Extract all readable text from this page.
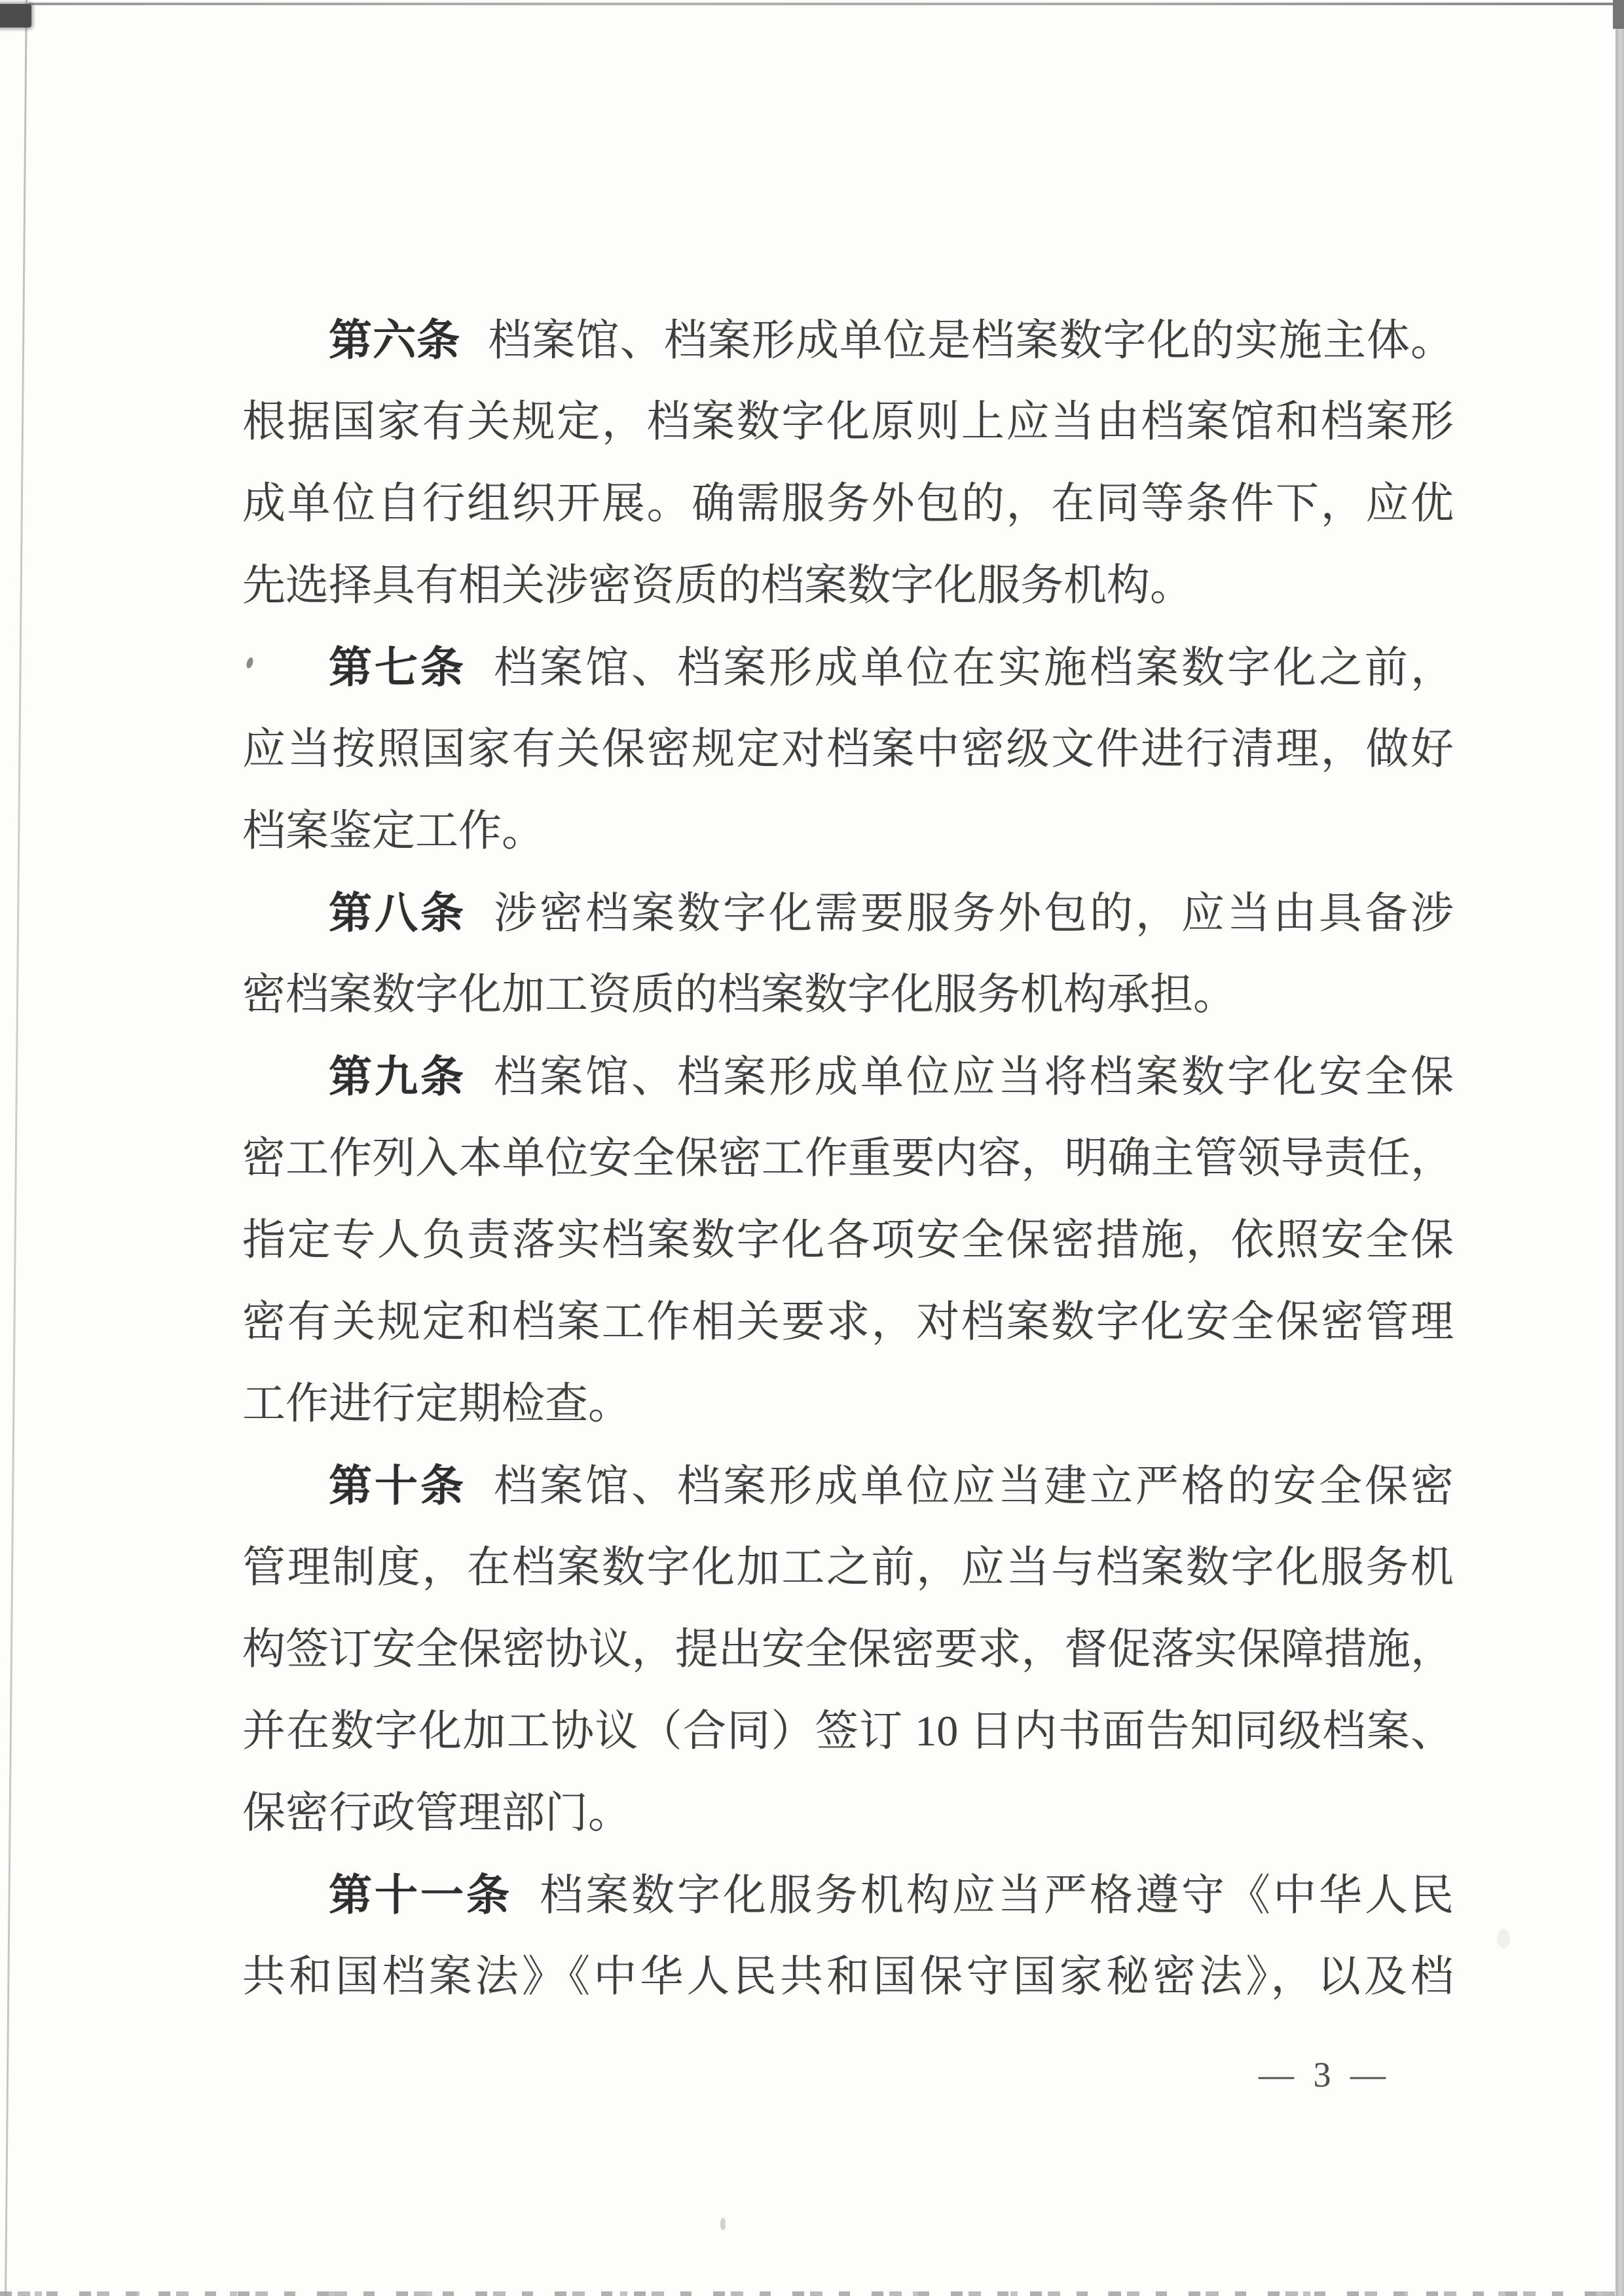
第六条 档案馆、档案形成单位是档案数字化的实施主体。
根据国家有关规定，档案数字化原则上应当由档案馆和档案形
成单位自行组织开展。确需服务外包的，在同等条件下，应优
先选择具有相关涉密资质的档案数字化服务机构。
第七条 档案馆、档案形成单位在实施档案数字化之前，
应当按照国家有关保密规定对档案中密级文件进行清理，做好
档案鉴定工作。
第八条 涉密档案数字化需要服务外包的，应当由具备涉
密档案数字化加工资质的档案数字化服务机构承担。
第九条 档案馆、档案形成单位应当将档案数字化安全保
密工作列入本单位安全保密工作重要内容，明确主管领导责任，
指定专人负责落实档案数字化各项安全保密措施，依照安全保
密有关规定和档案工作相关要求，对档案数字化安全保密管理
工作进行定期检查。
第十条 档案馆、档案形成单位应当建立严格的安全保密
管理制度，在档案数字化加工之前，应当与档案数字化服务机
构签订安全保密协议，提出安全保密要求，督促落实保障措施，
并在数字化加工协议（合同）签订 10 日内书面告知同级档案、
保密行政管理部门。
第十一条 档案数字化服务机构应当严格遵守《中华人民
共和国档案法》《中华人民共和国保守国家秘密法》，以及档
— 3 —
